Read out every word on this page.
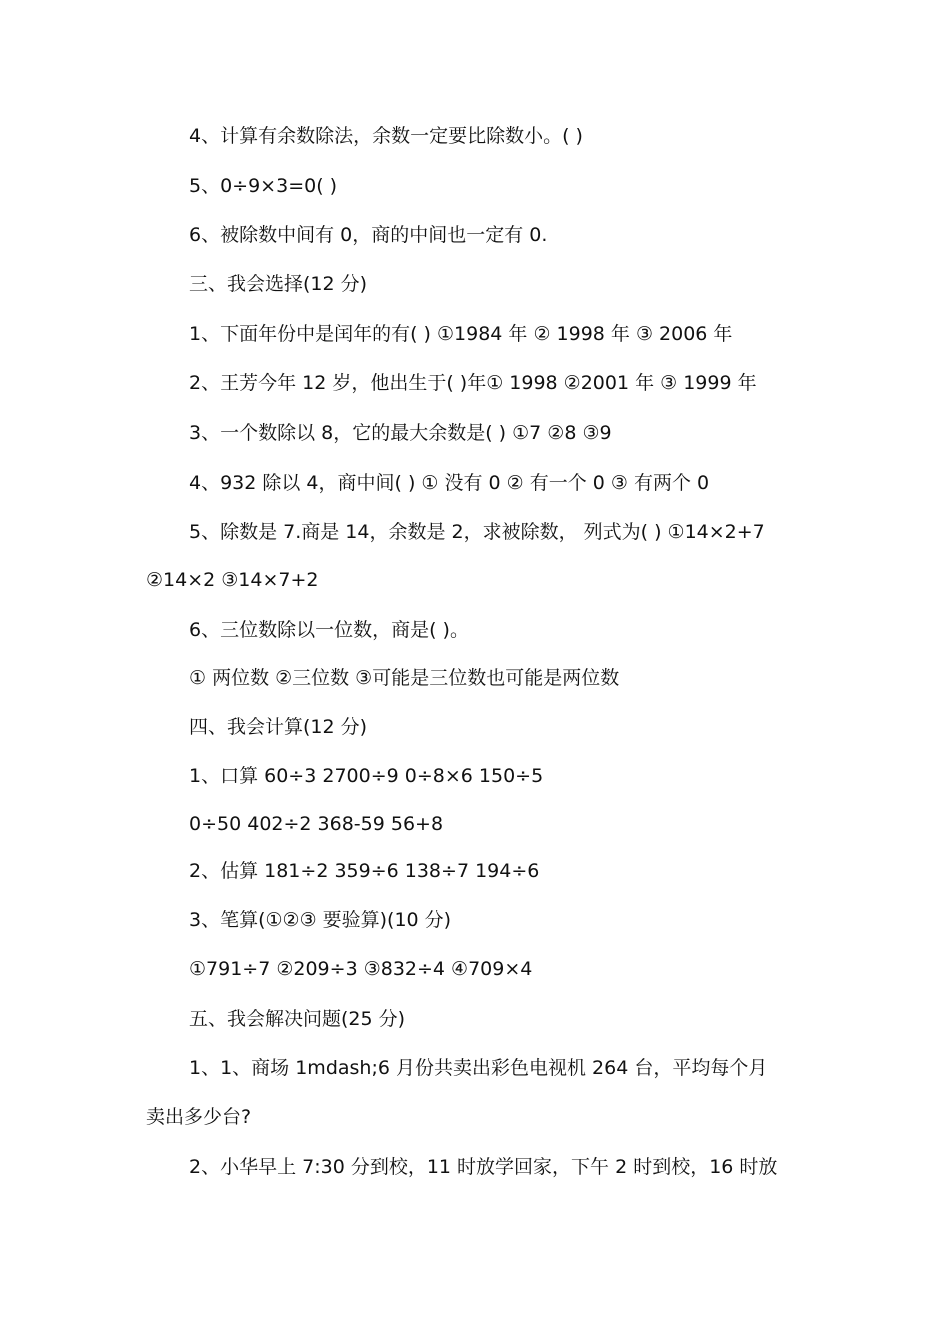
4、计算有余数除法，余数一定要比除数小。( )
5、0÷9×3=0( )
6、被除数中间有 0，商的中间也一定有 0.
三、我会选择(12 分)
1、下面年份中是闰年的有( ) ①1984 年 ② 1998 年 ③ 2006 年
2、王芳今年 12 岁，他出生于( )年① 1998 ②2001 年 ③ 1999 年
3、一个数除以 8，它的最大余数是( ) ①7 ②8 ③9
4、932 除以 4，商中间( ) ① 没有 0 ② 有一个 0 ③ 有两个 0
5、除数是 7.商是 14，余数是 2，求被除数， 列式为( ) ①14×2+7
②14×2 ③14×7+2
6、三位数除以一位数，商是( )。
① 两位数 ②三位数 ③可能是三位数也可能是两位数
四、我会计算(12 分)
1、口算 60÷3 2700÷9 0÷8×6 150÷5
0÷50 402÷2 368-59 56+8
2、估算 181÷2 359÷6 138÷7 194÷6
3、笔算(①②③ 要验算)(10 分)
①791÷7 ②209÷3 ③832÷4 ④709×4
五、我会解决问题(25 分)
1、1、商场 1mdash;6 月份共卖出彩色电视机 264 台，平均每个月
卖出多少台?
2、小华早上 7:30 分到校，11 时放学回家，下午 2 时到校，16 时放
